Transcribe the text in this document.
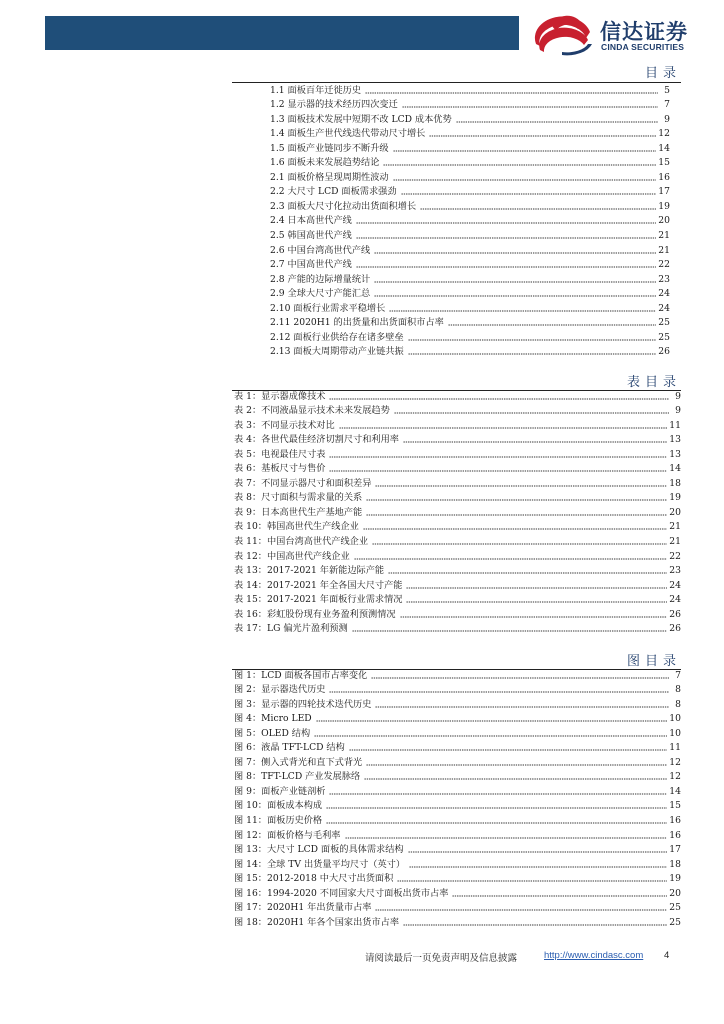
信达证券
CINDA SECURITIES
目录
1.1 面板百年迁徙历史	5
1.2 显示器的技术经历四次变迁	7
1.3 面板技术发展中短期不改 LCD 成本优势	9
1.4 面板生产世代线迭代带动尺寸增长	12
1.5 面板产业链同步不断升级	14
1.6 面板未来发展趋势结论	15
2.1 面板价格呈现周期性波动	16
2.2 大尺寸 LCD 面板需求强劲	17
2.3 面板大尺寸化拉动出货面积增长	19
2.4 日本高世代产线	20
2.5 韩国高世代产线	21
2.6 中国台湾高世代产线	21
2.7 中国高世代产线	22
2.8 产能的边际增量统计	23
2.9 全球大尺寸产能汇总	24
2.10 面板行业需求平稳增长	24
2.11 2020H1 的出货量和出货面积市占率	25
2.12 面板行业供给存在诸多壁垒	25
2.13 面板大周期带动产业链共振	26
表目录
表 1：显示器成像技术	9
表 2：不同液晶显示技术未来发展趋势	9
表 3：不同显示技术对比	11
表 4：各世代最佳经济切割尺寸和利用率	13
表 5：电视最佳尺寸表	13
表 6：基板尺寸与售价	14
表 7：不同显示器尺寸和面积差异	18
表 8：尺寸面积与需求量的关系	19
表 9：日本高世代生产基地产能	20
表 10：韩国高世代生产线企业	21
表 11：中国台湾高世代产线企业	21
表 12：中国高世代产线企业	22
表 13：2017-2021 年新能边际产能	23
表 14：2017-2021 年全各国大尺寸产能	24
表 15：2017-2021 年面板行业需求情况	24
表 16：彩虹股份现有业务盈利预测情况	26
表 17：LG 偏光片盈利预测	26
图目录
图 1：LCD 面板各国市占率变化	7
图 2：显示器迭代历史	8
图 3：显示器的四轮技术迭代历史	8
图 4：Micro LED	10
图 5：OLED 结构	10
图 6：液晶 TFT-LCD 结构	11
图 7：侧入式背光和直下式背光	12
图 8：TFT-LCD 产业发展脉络	12
图 9：面板产业链剖析	14
图 10：面板成本构成	15
图 11：面板历史价格	16
图 12：面板价格与毛利率	16
图 13：大尺寸 LCD 面板的具体需求结构	17
图 14：全球 TV 出货量平均尺寸（英寸）	18
图 15：2012-2018 中大尺寸出货面积	19
图 16：1994-2020 不同国家大尺寸面板出货市占率	20
图 17：2020H1 年出货量市占率	25
图 18：2020H1 年各个国家出货市占率	25
请阅读最后一页免责声明及信息披露	http://www.cindasc.com 4
